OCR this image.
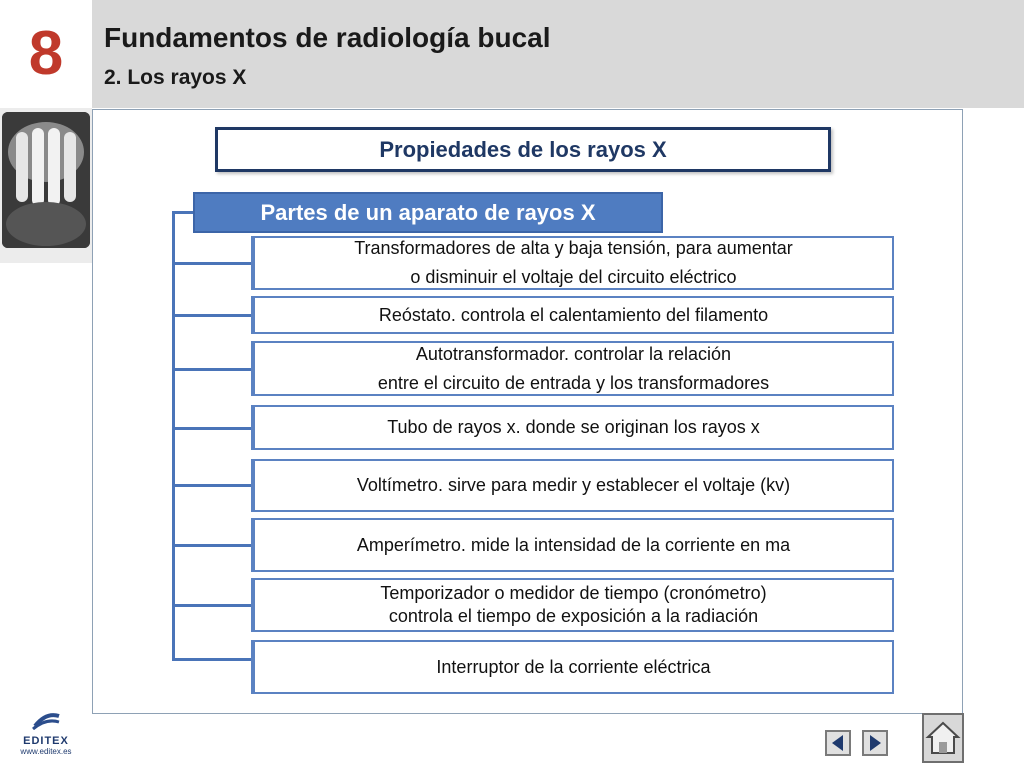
8 Fundamentos de radiología bucal
2. Los rayos X
Propiedades de los rayos X
Partes de un aparato de rayos X
Transformadores de alta y baja tensión, para aumentar
o disminuir el voltaje del circuito eléctrico
Reóstato. controla el calentamiento del filamento
Autotransformador. controlar la relación
entre el circuito de entrada y los transformadores
Tubo de rayos x. donde se originan los rayos x
Voltímetro. sirve para medir y establecer el voltaje (kv)
Amperímetro. mide la intensidad de la corriente en ma
Temporizador o medidor de tiempo (cronómetro)
controla el tiempo de exposición a la radiación
Interruptor de la corriente eléctrica
EDITEX
www.editex.es
